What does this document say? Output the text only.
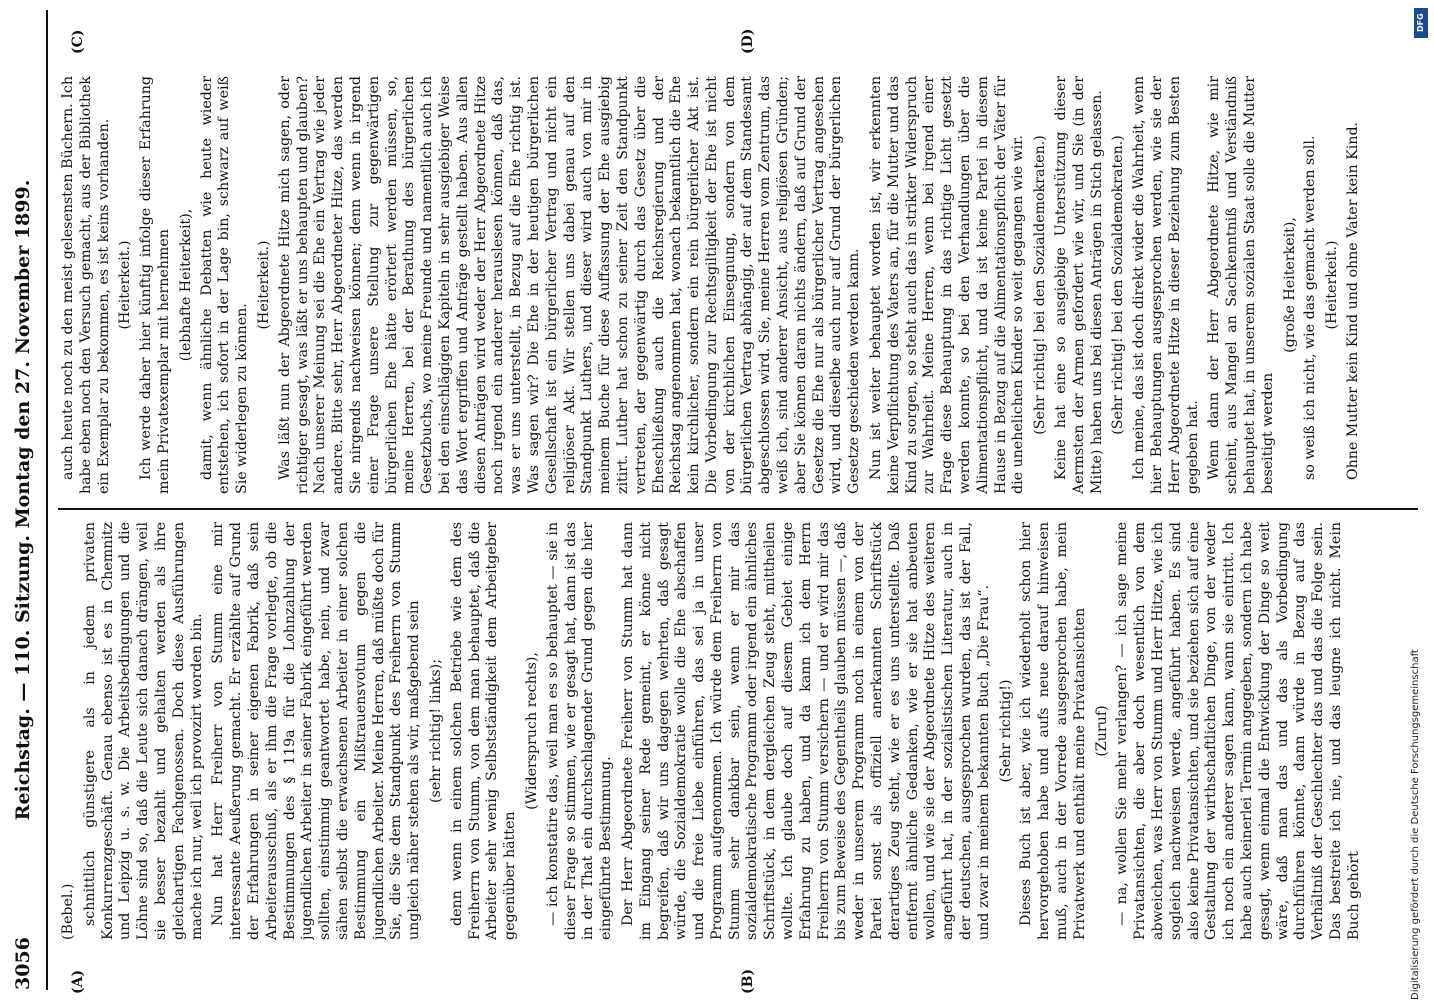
3056
Reichstag. — 110. Sitzung. Montag den 27. November 1899.
(A)	(B)
(C)	(D)

(Bebel.) schnittlich günstigere als in jedem privaten Konkurrenzgeschäft. Genau ebenso ist es in Chemnitz und Leipzig u. s. w. Die Arbeitsbedingungen und die Löhne sind so, daß die Leute sich danach drängen, weil sie besser bezahlt und gehalten werden als ihre gleichartigen Fachgenossen. Doch diese Ausführungen mache ich nur, weil ich provozirt worden bin. Nun hat Herr Freiherr von Stumm eine mir interessante Aeußerung gemacht. Er erzählte auf Grund der Erfahrungen in seiner eigenen Fabrik, daß sein Arbeiterausschuß, als er ihm die Frage vorlegte, ob die Bestimmungen des § 119a für die Lohnzahlung der jugendlichen Arbeiter in seiner Fabrik eingeführt werden sollten, einstimmig geantwortet habe, nein, und zwar sähen selbst die erwachsenen Arbeiter in einer solchen Bestimmung ein Mißtrauensvotum gegen die jugendlichen Arbeiter. Meine Herren, daß müßte doch für Sie, die Sie dem Standpunkt des Freiherrn von Stumm ungleich näher stehen als wir, maßgebend sein (sehr richtig! links); denn wenn in einem solchen Betriebe wie dem des Freiherrn von Stumm, von dem man behauptet, daß die Arbeiter sehr wenig Selbstständigkeit dem Arbeitgeber gegenüber hätten

(Widerspruch rechts), — ich konstatire das, weil man es so behauptet — sie in dieser Frage so stimmen, wie er gesagt hat, dann ist das in der That ein durchschlagender Grund gegen die hier eingeführte Bestimmung. Der Herr Abgeordnete Freiherr von Stumm hat dann im Eingang seiner Rede gemeint, er könne nicht begreifen, daß wir uns dagegen wehrten, daß gesagt würde, die Sozialdemokratie wolle die Ehe abschaffen und die freie Liebe einführen, das sei ja in unser Programm aufgenommen. Ich würde dem Freiherrn von Stumm sehr dankbar sein, wenn er mir das sozialdemokratische Programm oder irgend ein ähnliches Schriftstück, in dem dergleichen Zeug steht, mittheilen wollte. Ich glaube doch auf diesem Gebiet einige Erfahrung zu haben, und da kann ich dem Herrn Freiherrn von Stumm versichern — und er wird mir das bis zum Beweise des Gegentheils glauben müssen —, daß weder in unserem Programm noch in einem von der Partei sonst als offiziell anerkannten Schriftstück derartiges Zeug steht, wie er es uns unterstellte. Daß entfernt ähnliche Gedanken, wie er sie hat anbeuten wollen, und wie sie der Abgeordnete Hitze des weiteren angeführt hat, in der sozialistischen Literatur, auch in der deutschen, ausgesprochen wurden, das ist der Fall, und zwar in meinem bekannten Buch „Die Frau“. (Sehr richtig!) Dieses Buch ist aber, wie ich wiederholt schon hier hervorgehoben habe und aufs neue darauf hinweisen muß, auch in der Vorrede ausgesprochen habe, mein Privatwerk und enthält meine Privatansichten (Zuruf) — na, wollen Sie mehr verlangen? — ich sage meine Privatansichten, die aber doch wesentlich von dem abweichen, was Herr von Stumm und Herr Hitze, wie ich sogleich nachweisen werde, angeführt haben. Es sind also keine Privatansichten, und sie beziehen sich auf eine Gestaltung der wirthschaftlichen Dinge, von der weder ich noch ein anderer sagen kann, wann sie eintritt. Ich habe auch keinerlei Termin angegeben, sondern ich habe gesagt, wenn einmal die Entwicklung der Dinge so weit wäre, daß man das und das als Vorbedingung durchführen könnte, dann würde in Bezug auf das Verhältniß der Geschlechter das und das die Folge sein. Das bestreite ich nie, und das leugne ich nicht. Mein Buch gehört

auch heute noch zu den meist gelesensten Büchern. Ich habe eben noch den Versuch gemacht, aus der Bibliothek ein Exemplar zu bekommen, es ist keins vorhanden. (Heiterkeit.) Ich werde daher hier künftig infolge dieser Erfahrung mein Privatexemplar mit hernehmen (lebhafte Heiterkeit), damit, wenn ähnliche Debatten wie heute wieder entstehen, ich sofort in der Lage bin, schwarz auf weiß Sie widerlegen zu können.

(Heiterkeit.) Was läßt nun der Abgeordnete Hitze mich sagen, oder richtiger gesagt, was läßt er uns behaupten und glauben? Nach unserer Meinung sei die Ehe ein Vertrag wie jeder andere. Bitte sehr, Herr Abgeordneter Hitze, das werden Sie nirgends nachweisen können; denn wenn in irgend einer Frage unsere Stellung zur gegenwärtigen bürgerlichen Ehe hätte erörtert werden müssen, so, meine Herren, bei der Berathung des bürgerlichen Gesetzbuchs, wo meine Freunde und namentlich auch ich bei den einschlägigen Kapiteln in sehr ausgiebiger Weise das Wort ergriffen und Anträge gestellt haben. Aus allen diesen Anträgen wird weder der Herr Abgeordnete Hitze noch irgend ein anderer herauslesen können, daß das, was er uns unterstellt, in Bezug auf die Ehe richtig ist. Was sagen wir? Die Ehe in der heutigen bürgerlichen Gesellschaft ist ein bürgerlicher Vertrag und nicht ein religiöser Akt. Wir stellen uns dabei genau auf den Standpunkt Luthers, und dieser wird auch von mir in meinem Buche für diese Auffassung der Ehe ausgiebig zitirt. Luther hat schon zu seiner Zeit den Standpunkt vertreten, der gegenwärtig durch das Gesetz über die Eheschließung auch die Reichsregierung und der Reichstag angenommen hat, wonach bekanntlich die Ehe kein kirchlicher, sondern ein rein bürgerlicher Akt ist. Die Vorbedingung zur Rechtsgiltigkeit der Ehe ist nicht von der kirchlichen Einsegnung, sondern von dem bürgerlichen Vertrag abhängig, der auf dem Standesamt abgeschlossen wird. Sie, meine Herren vom Zentrum, das weiß ich, sind anderer Ansicht, aus religiösen Gründen; aber Sie können daran nichts ändern, daß auf Grund der Gesetze die Ehe nur als bürgerlicher Vertrag angesehen wird, und dieselbe auch nur auf Grund der bürgerlichen Gesetze geschieden werden kann. Nun ist weiter behauptet worden ist, wir erkennten keine Verpflichtung des Vaters an, für die Mutter und das Kind zu sorgen, so steht auch das in strikter Widerspruch zur Wahrheit. Meine Herren, wenn bei irgend einer Frage diese Behauptung in das richtige Licht gesetzt werden konnte, so bei den Verhandlungen über die Alimentationspflicht, und da ist keine Partei in diesem Hause in Bezug auf die Alimentationspflicht der Väter für die unehelichen Kinder so weit gegangen wie wir. (Sehr richtig! bei den Sozialdemokraten.) Keine hat eine so ausgiebige Unterstützung dieser Aermsten der Armen gefordert wie wir, und Sie (in der Mitte) haben uns bei diesen Anträgen in Stich gelassen. (Sehr richtig! bei den Sozialdemokraten.) Ich meine, das ist doch direkt wider die Wahrheit, wenn hier Behauptungen ausgesprochen werden, wie sie der Herr Abgeordnete Hitze in dieser Beziehung zum Besten gegeben hat. Wenn dann der Herr Abgeordnete Hitze, wie mir scheint, aus Mangel an Sachkenntniß und Verständniß behauptet hat, in unserem sozialen Staat solle die Mutter beseitigt werden

(große Heiterkeit), so weiß ich nicht, wie das gemacht werden soll. (Heiterkeit.) Ohne Mutter kein Kind und ohne Vater kein Kind.

DFG
Digitalisierung gefördert durch die Deutsche Forschungsgemeinschaft
